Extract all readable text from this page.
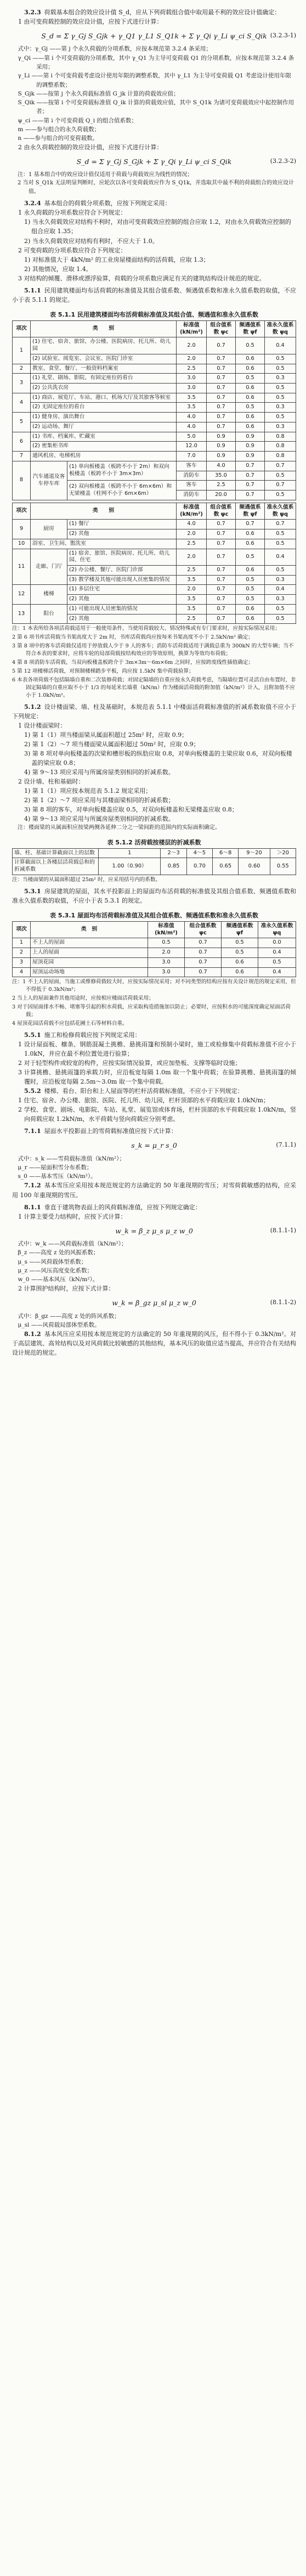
3.2.3 荷载基本组合的效应设计值 S_d，应从下列荷载组合值中取用最不利的效应设计值确定：

1 由可变荷载控制的效应设计值，应按下式进行计算：

S_d = Σ γ_Gj S_Gjk + γ_Q1 γ_L1 S_Q1k + Σ γ_Qi γ_Li ψ_ci S_Qik (3.2.3-1)

式中：γ_Gj ——第 j 个永久荷载的分项系数，应按本规范第 3.2.4 条采用；

γ_Qi ——第 i 个可变荷载的分项系数，其中 γ_Q1 为主导可变荷载 Q1 的分项系数，应按本规范第 3.2.4 条采用；

γ_Li ——第 i 个可变荷载考虑设计使用年限的调整系数，其中 γ_L1 为主导可变荷载 Q1 考虑设计使用年限的调整系数；

S_Gjk ——按第 j 个永久荷载标准值 G_jk 计算的荷载效应值；

S_Qik ——按第 i 个可变荷载标准值 Q_ik 计算的荷载效应值，其中 S_Q1k 为诸可变荷载效应中起控制作用者；

ψ_ci ——第 i 个可变荷载 Q_i 的组合值系数；

m ——参与组合的永久荷载数；

n ——参与组合的可变荷载数。

2 由永久荷载控制的效应设计值，应按下式进行计算：

S_d = Σ γ_Gj S_Gjk + Σ γ_Qi γ_Li ψ_ci S_Qik	(3.2.3-2)

注：1 基本组合中的效应设计值仅适用于荷载与荷载效应为线性的情况；

2 当对 S_Q1k 无法明显判断时，应轮次以各可变荷载效应作为 S_Q1k，并选取其中最不利的荷载组合的效应设计值。

3.2.4 基本组合的荷载分项系数，应按下列规定采用：

1 永久荷载的分项系数应符合下列规定：

1) 当永久荷载效应对结构不利时，对由可变荷载效应控制的组合应取 1.2，对由永久荷载效应控制的组合应取 1.35；

2) 当永久荷载效应对结构有利时，不应大于 1.0。

2 可变荷载的分项系数应符合下列规定：

1) 对标准值大于 4kN/m² 的工业房屋楼面结构的活荷载，应取 1.3；

2) 其他情况，应取 1.4。

3 对结构的倾覆、滑移或漂浮验算，荷载的分项系数应满足有关的建筑结构设计规范的规定。

5.1.1 民用建筑楼面均布活荷载的标准值及其组合值系数、频遇值系数和准永久值系数的取值，不应小于表 5.1.1 的规定。

表 5.1.1 民用建筑楼面均布活荷载标准值及其组合值、频遇值和准永久值系数

项次	类　　别		标准值 (kN/m²)	组合值系数 ψc	频遇值系数 ψf	准永久值系数 ψq
1	(1) 住宅、宿舍、旅馆、办公楼、医院病房、托儿所、幼儿园		2.0	0.7	0.5	0.4
	(2) 试验室、阅览室、会议室、医院门诊室		2.0	0.7	0.6	0.5
2	教室、食堂、餐厅、一般资料档案室		2.5	0.7	0.6	0.5
3	(1) 礼堂、剧场、影院、有固定座位的看台		3.0	0.7	0.5	0.3
	(2) 公共洗衣房		3.0	0.7	0.6	0.5
4	(1) 商店、展览厅、车站、港口、机场大厅及其旅客等候室		3.5	0.7	0.6	0.5
	(2) 无固定座位的看台		3.5	0.7	0.5	0.3
5	(1) 健身房、演出舞台		4.0	0.7	0.6	0.5
	(2) 运动场、舞厅		4.0	0.7	0.6	0.3
6	(1) 书库、档案库、贮藏室		5.0	0.9	0.9	0.8
	(2) 密集柜书库		12.0	0.9	0.9	0.8
7	通风机房、电梯机房		7.0	0.9	0.9	0.8
8	汽车通道及客车停车库	(1) 单向板楼盖（板跨不小于 2m）和双向板楼盖（板跨不小于 3m×3m）	客车	4.0	0.7	0.7
			消防车	35.0	0.7	0.5
		(2) 双向板楼盖（板跨不小于 6m×6m）和无梁楼盖（柱网不小于 6m×6m）	客车	2.5	0.7	0.7
			消防车	20.0	0.7	0.5
项次	类　　别		标准值 (kN/m²)	组合值系数 ψc	频遇值系数 ψf	准永久值系数 ψq
9	厨房	(1) 餐厅	4.0	0.7	0.7	0.7
		(2) 其他	2.0	0.7	0.6	0.5
10	浴室、卫生间、盥洗室		2.5	0.7	0.6	0.5
11	走廊、门厅	(1) 宿舍、旅馆、医院病房、托儿所、幼儿园、住宅	2.0	0.7	0.5	0.4
		(2) 办公楼、餐厅、医院门诊部	2.5	0.7	0.6	0.5
		(3) 教学楼及其他可能出现人员密集的情况	3.5	0.7	0.5	0.3
12	楼梯	(1) 多层住宅	2.0	0.7	0.5	0.4
		(2) 其他	3.5	0.7	0.5	0.3
13	阳台	(1) 可能出现人员密集的情况	3.5	0.7	0.6	0.5
		(2) 其他	2.5	0.7	0.6	0.5

注：1 本表所给各项活荷载适用于一般使用条件，当使用荷载较大、情况特殊或有专门要求时，应按实际情况采用；

2 第 6 项书库活荷载当书架高度大于 2m 时，书库活荷载尚应按每米书架高度不小于 2.5kN/m² 确定；

3 第 8 项中的客车活荷载仅适用于停放载人少于 9 人的客车；消防车活荷载适用于满载总重为 300kN 的大型车辆；当不符合本表的要求时，应将车轮的局部荷载按结构效应的等效原则，换算为等效均布荷载；

4 第 8 项消防车活荷载，当双向板楼盖板跨介于 3m×3m～6m×6m 之间时，应按跨度线性插值确定；

5 第 12 项楼梯活荷载，对预制楼梯踏步平板，尚应按 1.5kN 集中荷载验算；

6 本表各项荷载不包括隔墙自重和二次装修荷载；对固定隔墙的自重应按永久荷载考虑，当隔墙位置可灵活自由布置时，非固定隔墙的自重应取不小于 1/3 的每延米长墙重（kN/m）作为楼面活荷载的附加值（kN/m²）计入，且附加值不应小于 1.0kN/m²。

5.1.2 设计楼面梁、墙、柱及基础时，本规范表 5.1.1 中楼面活荷载标准值的折减系数取值不应小于下列规定：

1 设计楼面梁时：

1) 第 1（1）项当楼面梁从属面积超过 25m² 时，应取 0.9；

2) 第 1（2）～7 项当楼面梁从属面积超过 50m² 时，应取 0.9；

3) 第 8 项对单向板楼盖的次梁和槽形板的纵肋应取 0.8，对单向板楼盖的主梁应取 0.6，对双向板楼盖的梁应取 0.8；

4) 第 9～13 项应采用与所属房屋类别相同的折减系数。

2 设计墙、柱和基础时：

1) 第 1（1）项应按本规范表 5.1.2 规定采用；

2) 第 1（2）～7 项应采用与其楼面梁相同的折减系数；

3) 第 8 项的客车，对单向板楼盖应取 0.5，对双向板楼盖和无梁楼盖应取 0.8；

4) 第 9～13 项应采用与所属房屋类别相同的折减系数。

注：楼面梁的从属面积应按梁两侧各延伸二分之一梁间距的范围内的实际面积确定。

表 5.1.2 活荷载按楼层的折减系数

墙、柱、基础计算截面以上的层数	1	2～3	4～5	6～8	9～20	＞20
计算截面以上各楼层活荷载总和的折减系数	1.00（0.90）	0.85	0.70	0.65	0.60	0.55

注：当楼面梁的从属面积超过 25m² 时，应采用括号内的系数。

5.3.1 房屋建筑的屋面，其水平投影面上的屋面均布活荷载的标准值及其组合值系数、频遇值系数和准永久值系数的取值，不应小于表 5.3.1 的规定。

表 5.3.1 屋面均布活荷载标准值及其组合值系数、频遇值系数和准永久值系数

项次	类　别	标准值 (kN/m²)	组合值系数 ψc	频遇值系数 ψf	准永久值系数 ψq
1	不上人的屋面	0.5	0.7	0.5	0.0
2	上人的屋面	2.0	0.7	0.5	0.4
3	屋顶花园	3.0	0.7	0.6	0.5
4	屋顶运动场地	3.0	0.7	0.6	0.4

注：1 不上人的屋面，当施工或维修荷载较大时，应按实际情况采用；对不同类型的结构应按有关设计规范的规定采用，但不得低于 0.3kN/m²；

2 当上人的屋面兼作其他用途时，应按相应楼面活荷载采用；

3 对于因屋面排水不畅、堵塞等引起的积水荷载，应采取构造措施加以防止；必要时，应按积水的可能深度确定屋面活荷载；

4 屋顶花园活荷载不应包括花圃土石等材料自重。

5.5.1 施工和检修荷载应按下列规定采用：

1 设计屋面板、檩条、钢筋混凝土挑檐、悬挑雨篷和预制小梁时，施工或检修集中荷载标准值不应小于 1.0kN，并应在最不利位置处进行验算；

2 对于轻型构件或较宽的构件，应按实际情况验算，或应加垫板、支撑等临时设施；

3 计算挑檐、悬挑雨篷的承载力时，应沿板宽每隔 1.0m 取一个集中荷载；在验算挑檐、悬挑雨篷的倾覆时，应沿板宽每隔 2.5m～3.0m 取一个集中荷载。

5.5.2 楼梯、看台、阳台和上人屋面等的栏杆活荷载标准值，不应小于下列规定：

1 住宅、宿舍、办公楼、旅馆、医院、托儿所、幼儿园，栏杆顶部的水平荷载应取 1.0kN/m；

2 学校、食堂、剧场、电影院、车站、礼堂、展览馆或体育场，栏杆顶部的水平荷载应取 1.0kN/m，竖向荷载应取 1.2kN/m，水平荷载与竖向荷载应分别考虑。

7.1.1 屋面水平投影面上的雪荷载标准值应按下式计算：

s_k = μ_r s_0	(7.1.1)

式中：s_k ——雪荷载标准值（kN/m²）；

μ_r ——屋面积雪分布系数；

s_0 ——基本雪压（kN/m²）。

7.1.2 基本雪压应采用按本规范规定的方法确定的 50 年重现期的雪压；对雪荷载敏感的结构，应采用 100 年重现期的雪压。

8.1.1 垂直于建筑物表面上的风荷载标准值，应按下列规定确定：

1 计算主要受力结构时，应按下式计算：

w_k = β_z μ_s μ_z w_0	(8.1.1-1)

式中：w_k ——风荷载标准值（kN/m²）；

β_z ——高度 z 处的风振系数；

μ_s ——风荷载体型系数；

μ_z ——风压高度变化系数；

w_0 ——基本风压（kN/m²）。

2 计算围护结构时，应按下式计算：

w_k = β_gz μ_sl μ_z w_0	(8.1.1-2)

式中：β_gz ——高度 z 处的阵风系数；

μ_sl ——风荷载局部体型系数。

8.1.2 基本风压应采用按本规范规定的方法确定的 50 年重现期的风压，但不得小于 0.3kN/m²。对于高层建筑、高耸结构以及对风荷载比较敏感的其他结构，基本风压的取值应适当提高，并应符合有关结构设计规范的规定。
